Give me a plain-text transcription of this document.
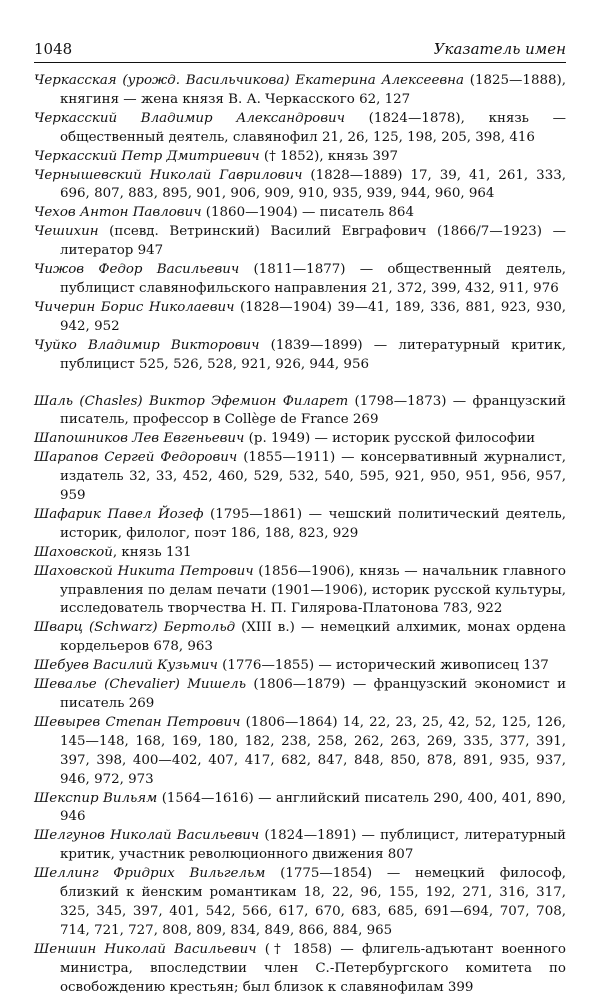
1048	Указатель имен
Черкасская (урожд. Васильчикова) Екатерина Алексеевна (1825—1888), княгиня — жена князя В. А. Черкасского 62, 127
Черкасский Владимир Александрович (1824—1878), князь — общественный деятель, славянофил 21, 26, 125, 198, 205, 398, 416
Черкасский Петр Дмитриевич († 1852), князь 397
Чернышевский Николай Гаврилович (1828—1889) 17, 39, 41, 261, 333, 696, 807, 883, 895, 901, 906, 909, 910, 935, 939, 944, 960, 964
Чехов Антон Павлович (1860—1904) — писатель 864
Чешихин (псевд. Ветринский) Василий Евграфович (1866/7—1923) — литератор 947
Чижов Федор Васильевич (1811—1877) — общественный деятель, публицист славянофильского направления 21, 372, 399, 432, 911, 976
Чичерин Борис Николаевич (1828—1904) 39—41, 189, 336, 881, 923, 930, 942, 952
Чуйко Владимир Викторович (1839—1899) — литературный критик, публицист 525, 526, 528, 921, 926, 944, 956
Шаль (Chasles) Виктор Эфемион Филарет (1798—1873) — французский писатель, профессор в Collège de France 269
Шапошников Лев Евгеньевич (р. 1949) — историк русской философии
Шарапов Сергей Федорович (1855—1911) — консервативный журналист, издатель 32, 33, 452, 460, 529, 532, 540, 595, 921, 950, 951, 956, 957, 959
Шафарик Павел Йозеф (1795—1861) — чешский политический деятель, историк, филолог, поэт 186, 188, 823, 929
Шаховской, князь 131
Шаховской Никита Петрович (1856—1906), князь — начальник главного управления по делам печати (1901—1906), историк русской культуры, исследователь творчества Н. П. Гилярова-Платонова 783, 922
Шварц (Schwarz) Бертольд (XIII в.) — немецкий алхимик, монах ордена кордельеров 678, 963
Шебуев Василий Кузьмич (1776—1855) — исторический живописец 137
Шевалье (Chevalier) Мишель (1806—1879) — французский экономист и писатель 269
Шевырев Степан Петрович (1806—1864) 14, 22, 23, 25, 42, 52, 125, 126, 145—148, 168, 169, 180, 182, 238, 258, 262, 263, 269, 335, 377, 391, 397, 398, 400—402, 407, 417, 682, 847, 848, 850, 878, 891, 935, 937, 946, 972, 973
Шекспир Вильям (1564—1616) — английский писатель 290, 400, 401, 890, 946
Шелгунов Николай Васильевич (1824—1891) — публицист, литературный критик, участник революционного движения 807
Шеллинг Фридрих Вильгельм (1775—1854) — немецкий философ, близкий к йенским романтикам 18, 22, 96, 155, 192, 271, 316, 317, 325, 345, 397, 401, 542, 566, 617, 670, 683, 685, 691—694, 707, 708, 714, 721, 727, 808, 809, 834, 849, 866, 884, 965
Шеншин Николай Васильевич († 1858) — флигель-адъютант военного министра, впоследствии член С.-Петербургского комитета по освобождению крестьян; был близок к славянофилам 399
